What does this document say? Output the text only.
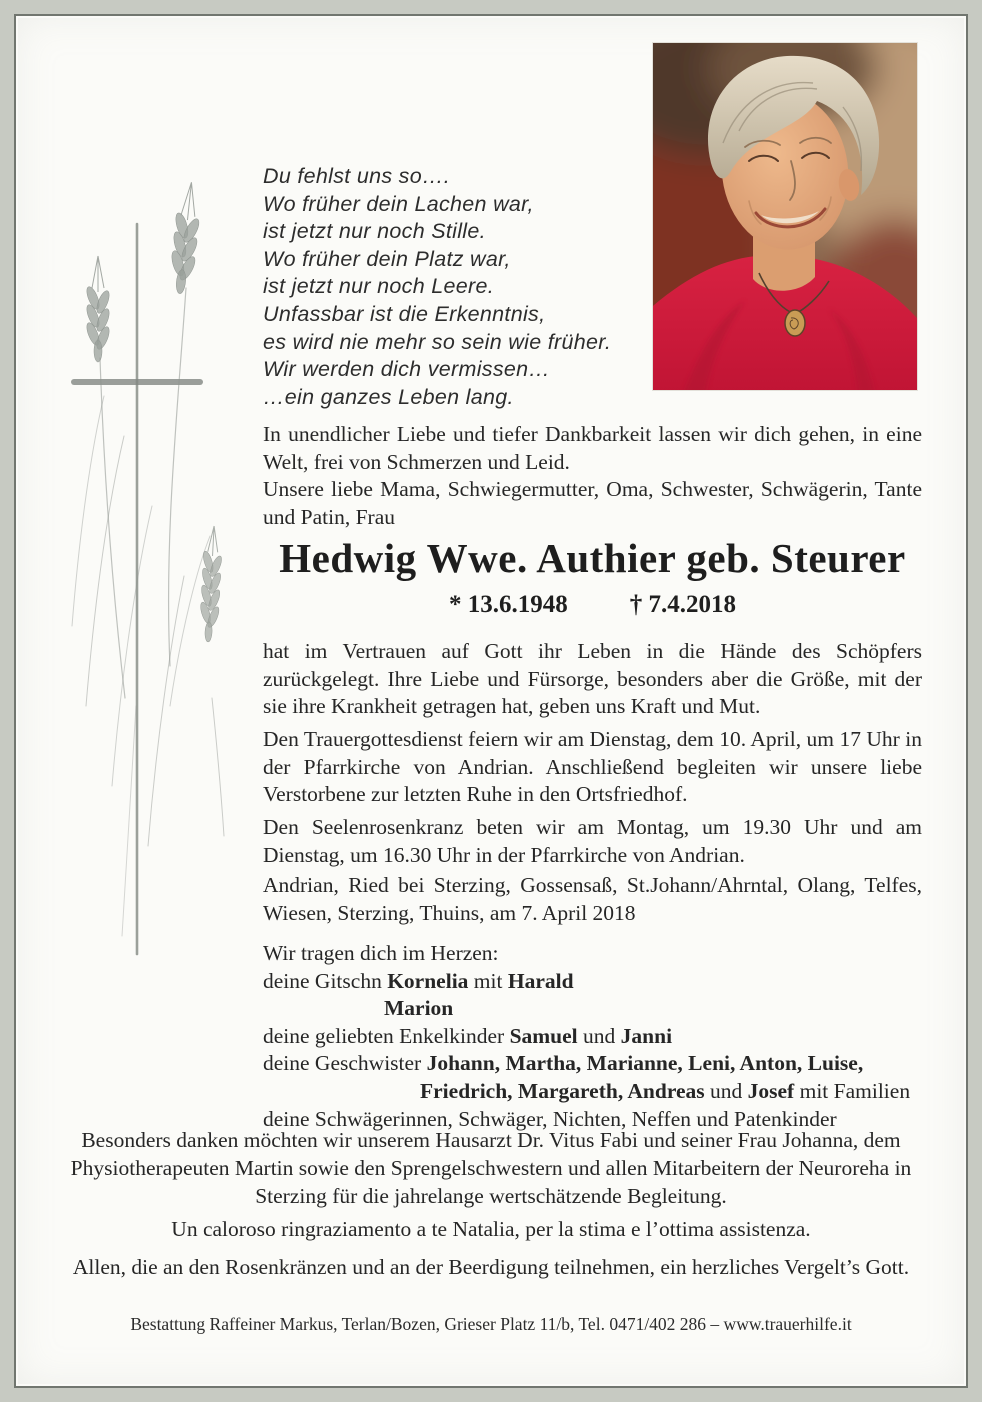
Du fehlst uns so….
Wo früher dein Lachen war,
ist jetzt nur noch Stille.
Wo früher dein Platz war,
ist jetzt nur noch Leere.
Unfassbar ist die Erkenntnis,
es wird nie mehr so sein wie früher.
Wir werden dich vermissen…
…ein ganzes Leben lang.
In unendlicher Liebe und tiefer Dankbarkeit lassen wir dich gehen, in eine Welt, frei von Schmerzen und Leid.
Unsere liebe Mama, Schwiegermutter, Oma, Schwester, Schwägerin, Tante und Patin, Frau
Hedwig Wwe. Authier geb. Steurer
* 13.6.1948 † 7.4.2018
hat im Vertrauen auf Gott ihr Leben in die Hände des Schöpfers zurückgelegt. Ihre Liebe und Fürsorge, besonders aber die Größe, mit der sie ihre Krankheit getragen hat, geben uns Kraft und Mut.
Den Trauergottesdienst feiern wir am Dienstag, dem 10. April, um 17 Uhr in der Pfarrkirche von Andrian. Anschließend begleiten wir unsere liebe Verstorbene zur letzten Ruhe in den Ortsfriedhof.
Den Seelenrosenkranz beten wir am Montag, um 19.30 Uhr und am Dienstag, um 16.30 Uhr in der Pfarrkirche von Andrian.
Andrian, Ried bei Sterzing, Gossensaß, St.Johann/Ahrntal, Olang, Telfes, Wiesen, Sterzing, Thuins, am 7. April 2018
Wir tragen dich im Herzen:
deine Gitschn Kornelia mit Harald
Marion
deine geliebten Enkelkinder Samuel und Janni
deine Geschwister Johann, Martha, Marianne, Leni, Anton, Luise,
Friedrich, Margareth, Andreas und Josef mit Familien
deine Schwägerinnen, Schwäger, Nichten, Neffen und Patenkinder
Besonders danken möchten wir unserem Hausarzt Dr. Vitus Fabi und seiner Frau Johanna, dem Physiotherapeuten Martin sowie den Sprengelschwestern und allen Mitarbeitern der Neuroreha in Sterzing für die jahrelange wertschätzende Begleitung.
Un caloroso ringraziamento a te Natalia, per la stima e l’ottima assistenza.
Allen, die an den Rosenkränzen und an der Beerdigung teilnehmen, ein herzliches Vergelt’s Gott.
Bestattung Raffeiner Markus, Terlan/Bozen, Grieser Platz 11/b, Tel. 0471/402 286 – www.trauerhilfe.it
